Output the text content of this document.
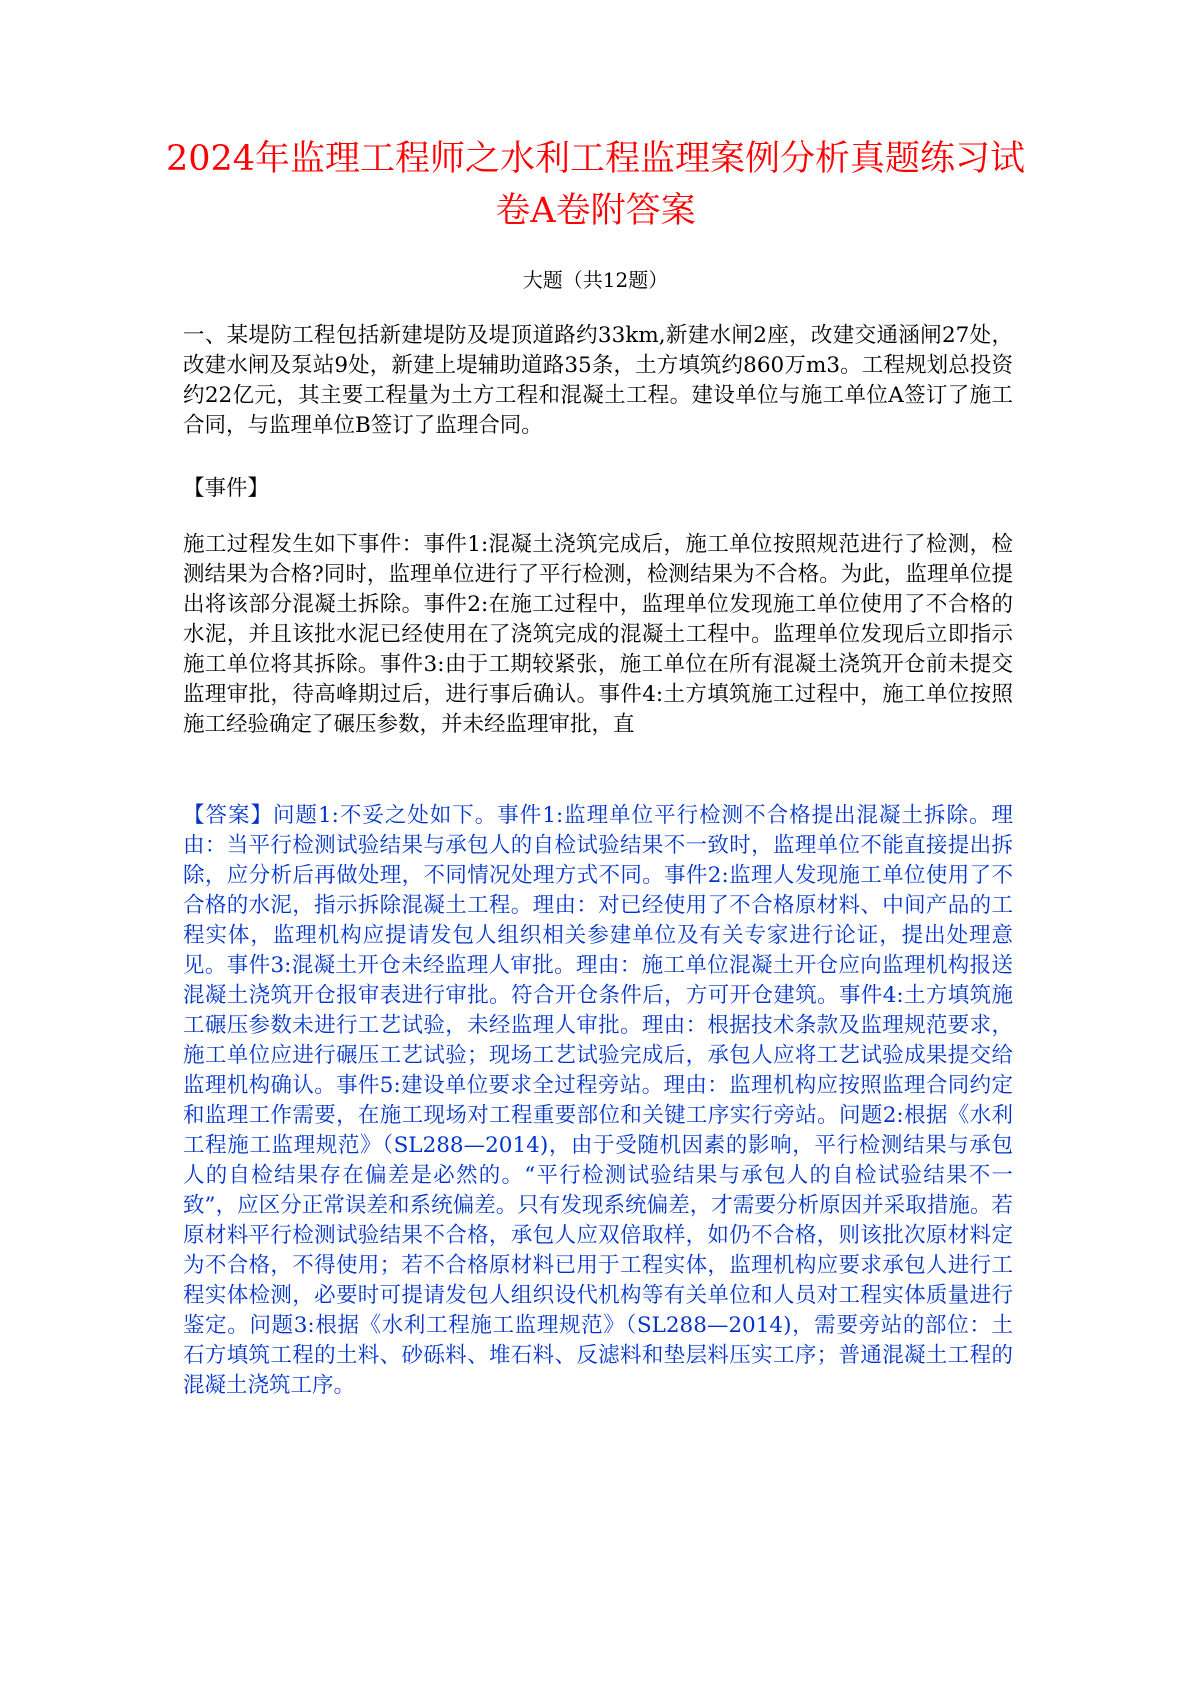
2024年监理工程师之水利工程监理案例分析真题练习试卷A卷附答案
大题（共12题）
一、某堤防工程包括新建堤防及堤顶道路约33km,新建水闸2座，改建交通涵闸27处，改建水闸及泵站9处，新建上堤辅助道路35条，土方填筑约860万m3。工程规划总投资约22亿元，其主要工程量为土方工程和混凝土工程。建设单位与施工单位A签订了施工合同，与监理单位B签订了监理合同。
【事件】
施工过程发生如下事件：事件1:混凝土浇筑完成后，施工单位按照规范进行了检测，检测结果为合格?同时，监理单位进行了平行检测，检测结果为不合格。为此，监理单位提出将该部分混凝土拆除。事件2:在施工过程中，监理单位发现施工单位使用了不合格的水泥，并且该批水泥已经使用在了浇筑完成的混凝土工程中。监理单位发现后立即指示施工单位将其拆除。事件3:由于工期较紧张，施工单位在所有混凝土浇筑开仓前未提交监理审批，待高峰期过后，进行事后确认。事件4:土方填筑施工过程中，施工单位按照施工经验确定了碾压参数，并未经监理审批，直
【答案】问题1:不妥之处如下。事件1:监理单位平行检测不合格提出混凝土拆除。理由：当平行检测试验结果与承包人的自检试验结果不一致时，监理单位不能直接提出拆除，应分析后再做处理，不同情况处理方式不同。事件2:监理人发现施工单位使用了不合格的水泥，指示拆除混凝土工程。理由：对已经使用了不合格原材料、中间产品的工程实体，监理机构应提请发包人组织相关参建单位及有关专家进行论证，提出处理意见。事件3:混凝土开仓未经监理人审批。理由：施工单位混凝土开仓应向监理机构报送混凝土浇筑开仓报审表进行审批。符合开仓条件后，方可开仓建筑。事件4:土方填筑施工碾压参数未进行工艺试验，未经监理人审批。理由：根据技术条款及监理规范要求，施工单位应进行碾压工艺试验；现场工艺试验完成后，承包人应将工艺试验成果提交给监理机构确认。事件5:建设单位要求全过程旁站。理由：监理机构应按照监理合同约定和监理工作需要，在施工现场对工程重要部位和关键工序实行旁站。问题2:根据《水利工程施工监理规范》（SL288—2014)，由于受随机因素的影响，平行检测结果与承包人的自检结果存在偏差是必然的。“平行检测试验结果与承包人的自检试验结果不一致”，应区分正常误差和系统偏差。只有发现系统偏差，才需要分析原因并采取措施。若原材料平行检测试验结果不合格，承包人应双倍取样，如仍不合格，则该批次原材料定为不合格，不得使用；若不合格原材料已用于工程实体，监理机构应要求承包人进行工程实体检测，必要时可提请发包人组织设代机构等有关单位和人员对工程实体质量进行鉴定。问题3:根据《水利工程施工监理规范》（SL288—2014)，需要旁站的部位：土石方填筑工程的土料、砂砾料、堆石料、反滤料和垫层料压实工序；普通混凝土工程的混凝土浇筑工序。
